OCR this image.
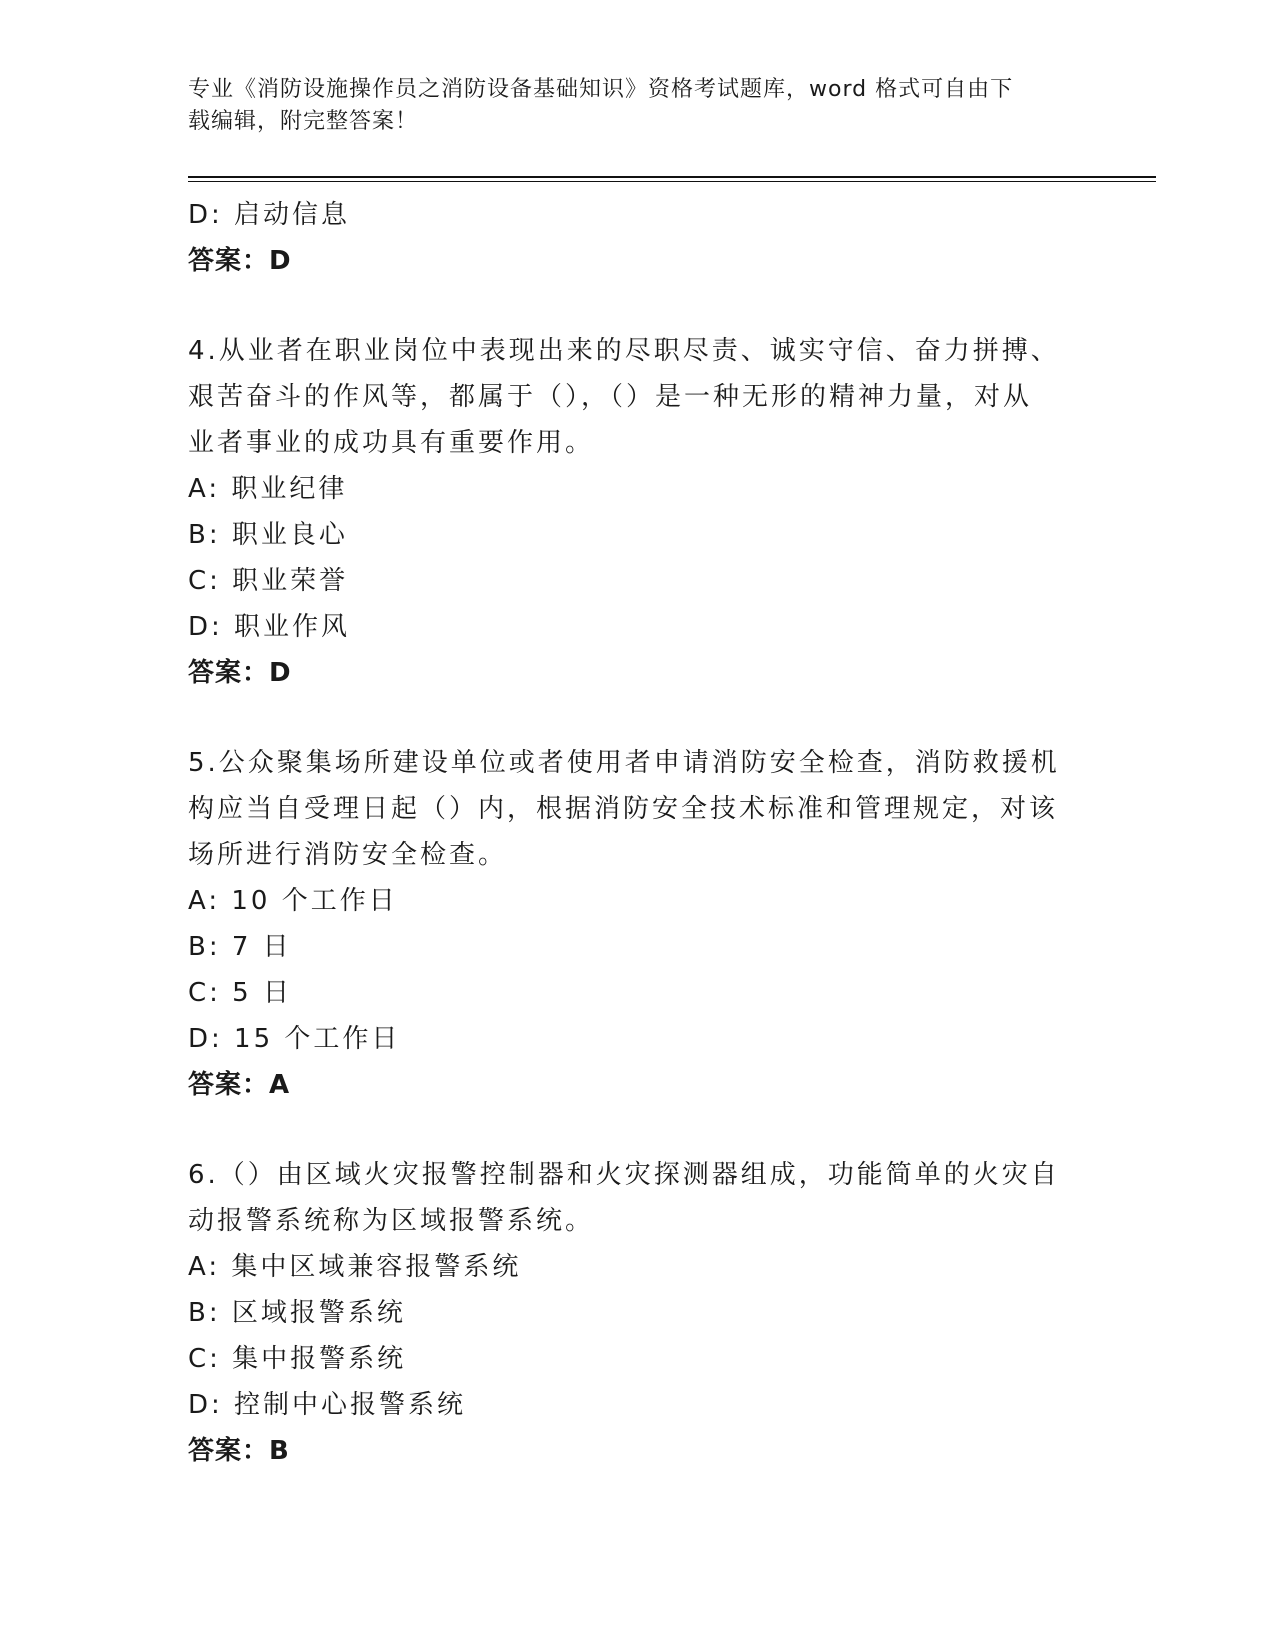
专业《消防设施操作员之消防设备基础知识》资格考试题库，word 格式可自由下
载编辑，附完整答案！
D: 启动信息
答案：D
4.从业者在职业岗位中表现出来的尽职尽责、诚实守信、奋力拼搏、
艰苦奋斗的作风等，都属于（），（）是一种无形的精神力量，对从
业者事业的成功具有重要作用。
A: 职业纪律
B: 职业良心
C: 职业荣誉
D: 职业作风
答案：D
5.公众聚集场所建设单位或者使用者申请消防安全检查，消防救援机
构应当自受理日起（）内，根据消防安全技术标准和管理规定，对该
场所进行消防安全检查。
A: 10 个工作日
B: 7 日
C: 5 日
D: 15 个工作日
答案：A
6.（）由区域火灾报警控制器和火灾探测器组成，功能简单的火灾自
动报警系统称为区域报警系统。
A: 集中区域兼容报警系统
B: 区域报警系统
C: 集中报警系统
D: 控制中心报警系统
答案：B
